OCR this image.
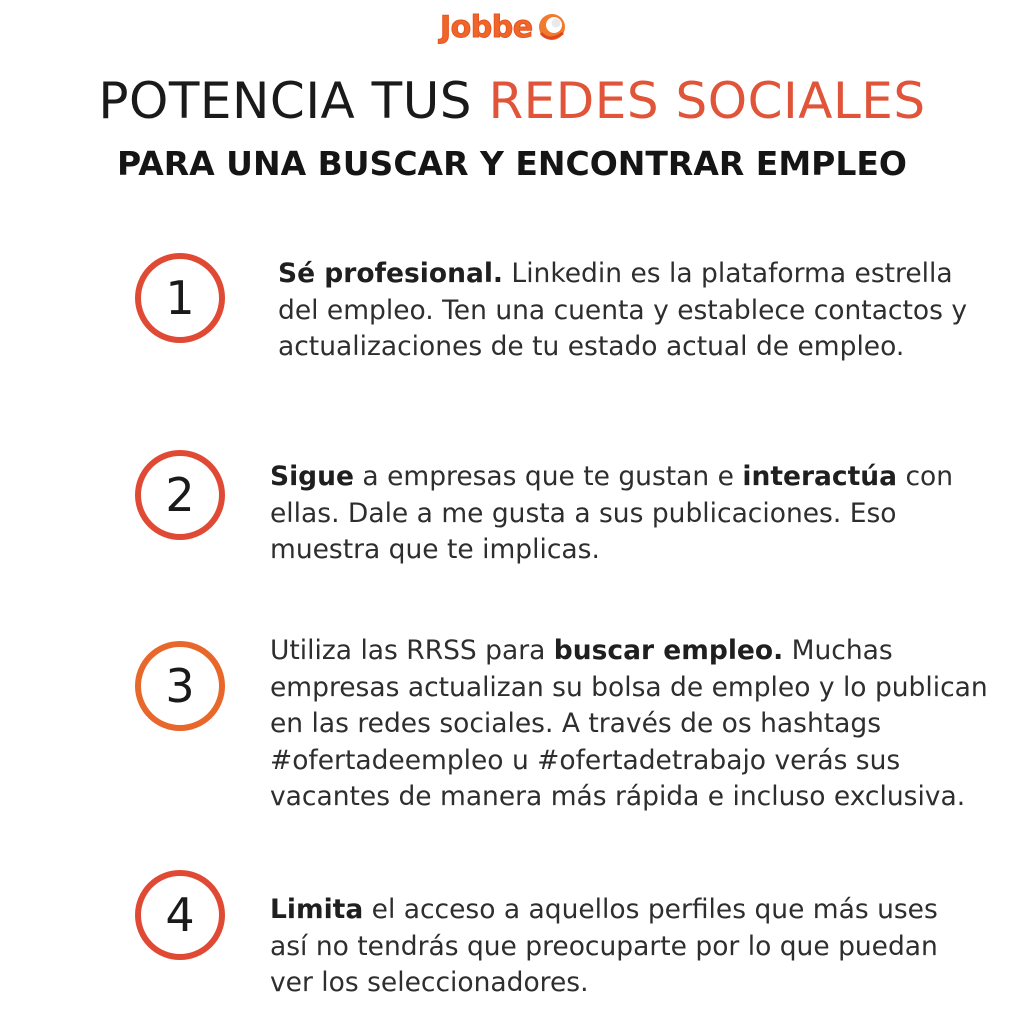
Jobbe
POTENCIA TUS REDES SOCIALES
PARA UNA BUSCAR Y ENCONTRAR EMPLEO
1	Sé profesional. Linkedin es la plataforma estrella del empleo. Ten una cuenta y establece contactos y actualizaciones de tu estado actual de empleo.
2	Sigue a empresas que te gustan e interactúa con ellas. Dale a me gusta a sus publicaciones. Eso muestra que te implicas.
3
Utiliza las RRSS para buscar empleo. Muchas empresas actualizan su bolsa de empleo y lo publican en las redes sociales. A través de os hashtags #ofertadeempleo u #ofertadetrabajo verás sus vacantes de manera más rápida e incluso exclusiva.
4	Limita el acceso a aquellos perfiles que más uses así no tendrás que preocuparte por lo que puedan ver los seleccionadores.
